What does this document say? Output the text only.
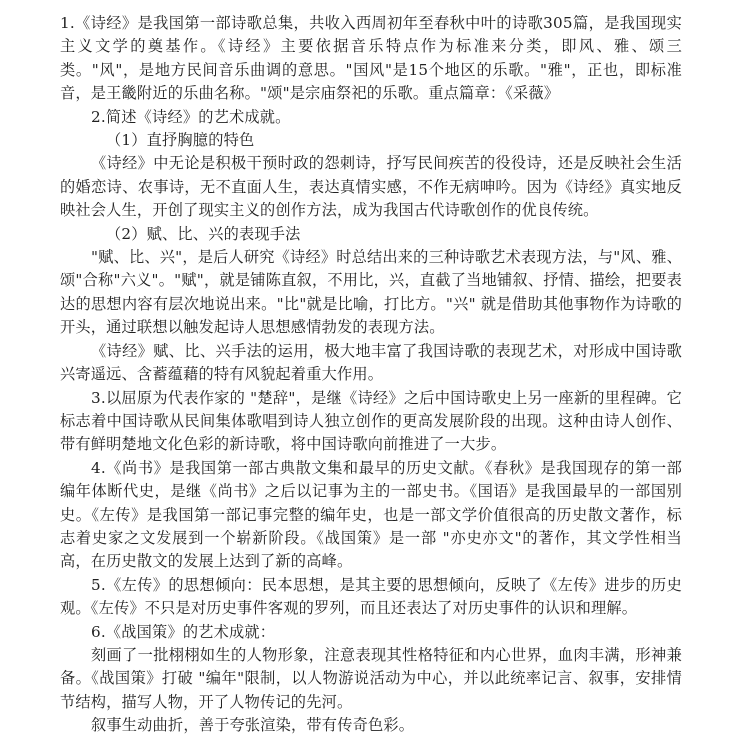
1.《诗经》是我国第一部诗歌总集，共收入西周初年至春秋中叶的诗歌305篇，是我国现实主义文学的奠基作。《诗经》主要依据音乐特点作为标准来分类，即风、雅、颂三类。"风"，是地方民间音乐曲调的意思。"国风"是15个地区的乐歌。"雅"，正也，即标准音，是王畿附近的乐曲名称。"颂"是宗庙祭祀的乐歌。重点篇章：《采薇》

2.简述《诗经》的艺术成就。

（1）直抒胸臆的特色

《诗经》中无论是积极干预时政的怨刺诗，抒写民间疾苦的役役诗，还是反映社会生活的婚恋诗、农事诗，无不直面人生，表达真情实感，不作无病呻吟。因为《诗经》真实地反映社会人生，开创了现实主义的创作方法，成为我国古代诗歌创作的优良传统。

（2）赋、比、兴的表现手法

"赋、比、兴"，是后人研究《诗经》时总结出来的三种诗歌艺术表现方法，与"风、雅、颂"合称"六义"。"赋"，就是铺陈直叙，不用比，兴，直截了当地铺叙、抒情、描绘，把要表达的思想内容有层次地说出来。"比"就是比喻，打比方。"兴" 就是借助其他事物作为诗歌的开头，通过联想以触发起诗人思想感情勃发的表现方法。

《诗经》赋、比、兴手法的运用，极大地丰富了我国诗歌的表现艺术，对形成中国诗歌兴寄遥远、含蓄蕴藉的特有风貌起着重大作用。

3.以屈原为代表作家的 "楚辞"，是继《诗经》之后中国诗歌史上另一座新的里程碑。它标志着中国诗歌从民间集体歌唱到诗人独立创作的更高发展阶段的出现。这种由诗人创作、带有鲜明楚地文化色彩的新诗歌，将中国诗歌向前推进了一大步。

4.《尚书》是我国第一部古典散文集和最早的历史文献。《春秋》是我国现存的第一部编年体断代史，是继《尚书》之后以记事为主的一部史书。《国语》是我国最早的一部国别史。《左传》是我国第一部记事完整的编年史，也是一部文学价值很高的历史散文著作，标志着史家之文发展到一个崭新阶段。《战国策》是一部 "亦史亦文"的著作，其文学性相当高，在历史散文的发展上达到了新的高峰。

5.《左传》的思想倾向：民本思想，是其主要的思想倾向，反映了《左传》进步的历史观。《左传》不只是对历史事件客观的罗列，而且还表达了对历史事件的认识和理解。

6.《战国策》的艺术成就：

刻画了一批栩栩如生的人物形象，注意表现其性格特征和内心世界，血肉丰满，形神兼备。《战国策》打破 "编年"限制，以人物游说活动为中心，并以此统率记言、叙事，安排情节结构，描写人物，开了人物传记的先河。

叙事生动曲折，善于夸张渲染，带有传奇色彩。
